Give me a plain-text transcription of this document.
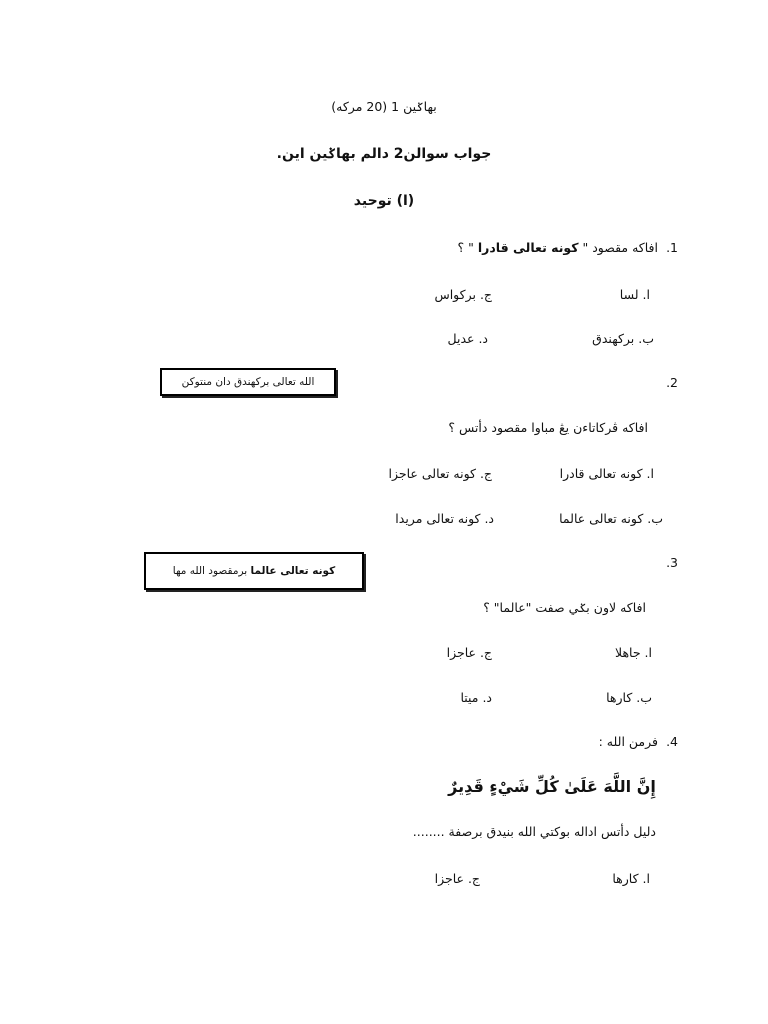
بهاݢين 1 (20 مركه)
جواب سوالن2 دالم بهاݢين اين.
(ا) توحيد
1.
افاكه مقصود " كونه تعالى قادرا " ؟
ا. لسا
ج. بركواس
ب. بركهندق
د. عديل
الله تعالى بركهندق دان منتوكن	2.
افاكه ڤركاتاءن يڠ مباوا مقصود دأتس ؟
ا. كونه تعالى قادرا
ج. كونه تعالى عاجزا
ب. كونه تعالى عالما
د. كونه تعالى مريدا
كونه تعالى عالما برمقصود الله مها
3.
افاكه لاون بݢي صفت "عالما" ؟
ا. جاهلا
ج. عاجزا
ب. كارها
د. ميتا
4.
فرمن الله :
إِنَّ اللَّهَ عَلَىٰ كُلِّ شَيْءٍ قَدِيرٌ
دليل دأتس اداله بوكتي الله بنيدق برصفة ........
ا. كارها
ج. عاجزا
